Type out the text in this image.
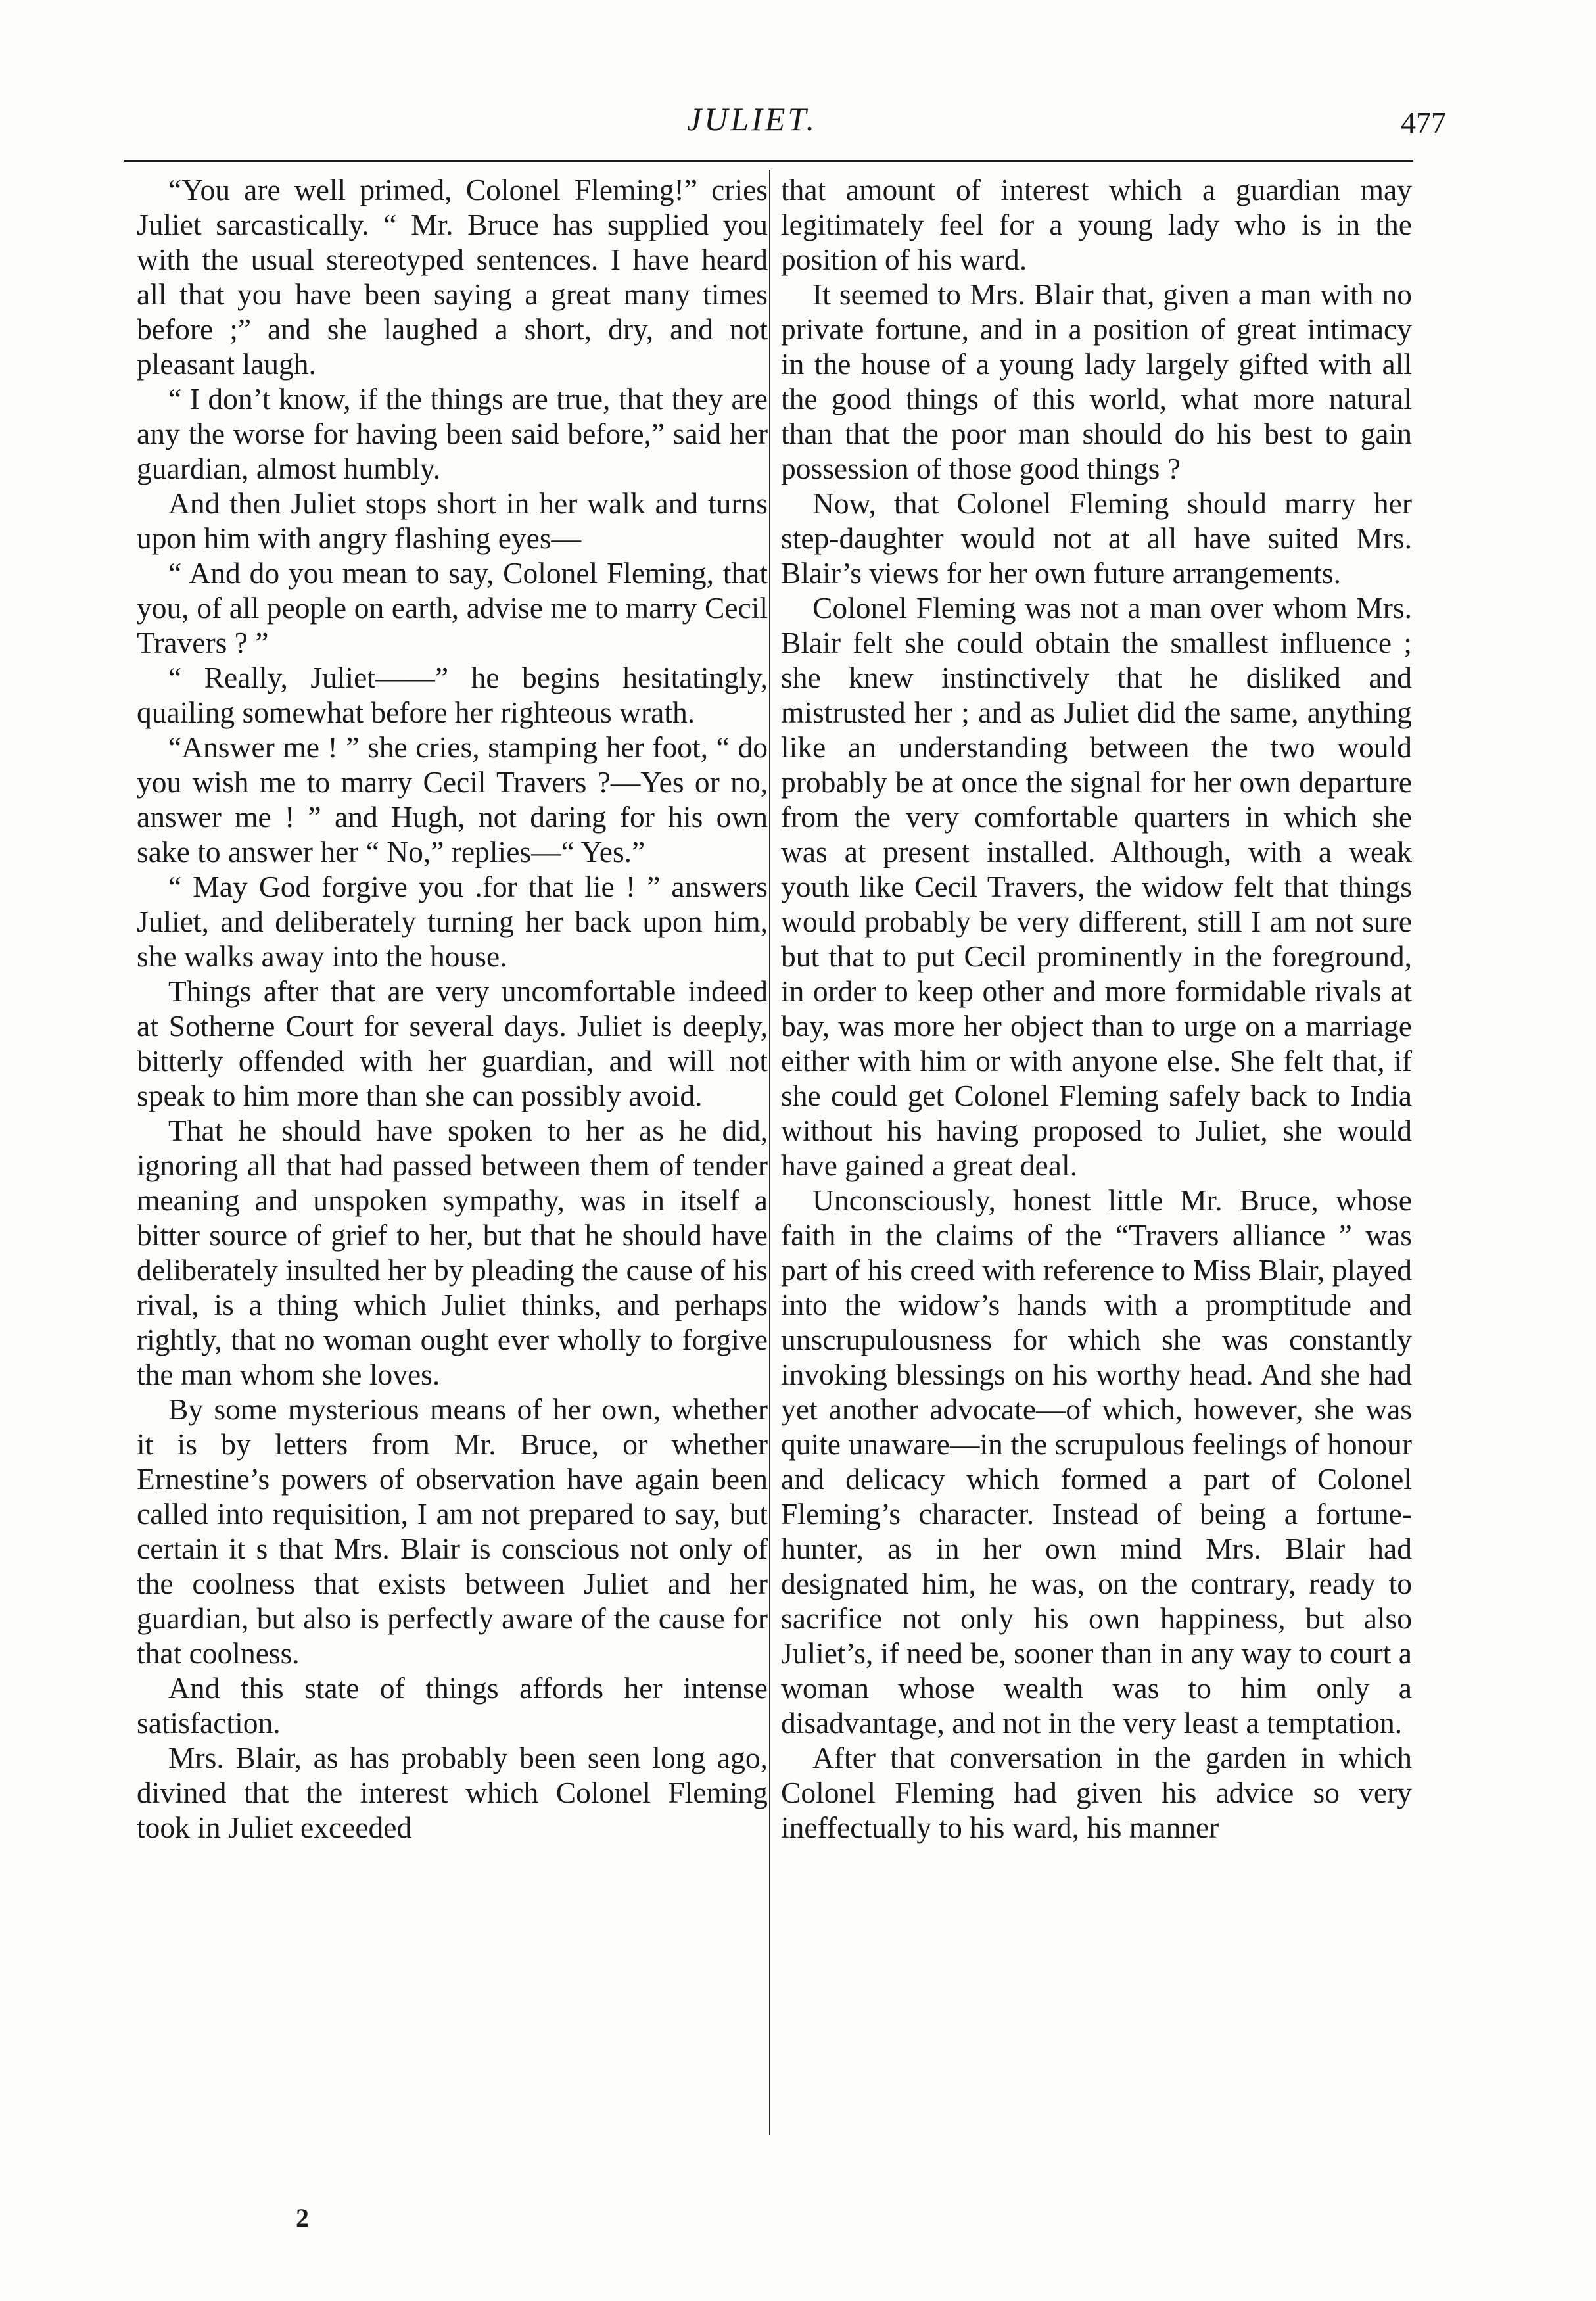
JULIET.	477

“You are well primed, Colonel Fleming!” cries Juliet sarcastically. “ Mr. Bruce has supplied you with the usual stereotyped sentences. I have heard all that you have been saying a great many times before ;” and she laughed a short, dry, and not pleasant laugh.

“ I don’t know, if the things are true, that they are any the worse for having been said before,” said her guardian, almost humbly.

And then Juliet stops short in her walk and turns upon him with angry flashing eyes—

“ And do you mean to say, Colonel Fleming, that you, of all people on earth, advise me to marry Cecil Travers ? ”

“ Really, Juliet——” he begins hesitatingly, quailing somewhat before her righteous wrath.

“Answer me ! ” she cries, stamping her foot, “ do you wish me to marry Cecil Travers ?—Yes or no, answer me ! ” and Hugh, not daring for his own sake to answer her “ No,” replies—“ Yes.”

“ May God forgive you .for that lie ! ” answers Juliet, and deliberately turning her back upon him, she walks away into the house.

Things after that are very uncomfortable indeed at Sotherne Court for several days. Juliet is deeply, bitterly offended with her guardian, and will not speak to him more than she can possibly avoid.

That he should have spoken to her as he did, ignoring all that had passed between them of tender meaning and unspoken sympathy, was in itself a bitter source of grief to her, but that he should have deliberately insulted her by pleading the cause of his rival, is a thing which Juliet thinks, and perhaps rightly, that no woman ought ever wholly to forgive the man whom she loves.

By some mysterious means of her own, whether it is by letters from Mr. Bruce, or whether Ernestine’s powers of observation have again been called into requisition, I am not prepared to say, but certain it s that Mrs. Blair is conscious not only of the coolness that exists between Juliet and her guardian, but also is perfectly aware of the cause for that coolness.

And this state of things affords her intense satisfaction.

Mrs. Blair, as has probably been seen long ago, divined that the interest which Colonel Fleming took in Juliet exceeded

that amount of interest which a guardian may legitimately feel for a young lady who is in the position of his ward.

It seemed to Mrs. Blair that, given a man with no private fortune, and in a position of great intimacy in the house of a young lady largely gifted with all the good things of this world, what more natural than that the poor man should do his best to gain possession of those good things ?

Now, that Colonel Fleming should marry her step-daughter would not at all have suited Mrs. Blair’s views for her own future arrangements.

Colonel Fleming was not a man over whom Mrs. Blair felt she could obtain the smallest influence ; she knew instinctively that he disliked and mistrusted her ; and as Juliet did the same, anything like an understanding between the two would probably be at once the signal for her own departure from the very comfortable quarters in which she was at present installed. Although, with a weak youth like Cecil Travers, the widow felt that things would probably be very different, still I am not sure but that to put Cecil prominently in the foreground, in order to keep other and more formidable rivals at bay, was more her object than to urge on a marriage either with him or with anyone else. She felt that, if she could get Colonel Fleming safely back to India without his having proposed to Juliet, she would have gained a great deal.

Unconsciously, honest little Mr. Bruce, whose faith in the claims of the “Travers alliance ” was part of his creed with reference to Miss Blair, played into the widow’s hands with a promptitude and unscrupulousness for which she was constantly invoking blessings on his worthy head. And she had yet another advocate—of which, however, she was quite unaware—in the scrupulous feelings of honour and delicacy which formed a part of Colonel Fleming’s character. Instead of being a fortune-hunter, as in her own mind Mrs. Blair had designated him, he was, on the contrary, ready to sacrifice not only his own happiness, but also Juliet’s, if need be, sooner than in any way to court a woman whose wealth was to him only a disadvantage, and not in the very least a temptation.

After that conversation in the garden in which Colonel Fleming had given his advice so very ineffectually to his ward, his manner

2
